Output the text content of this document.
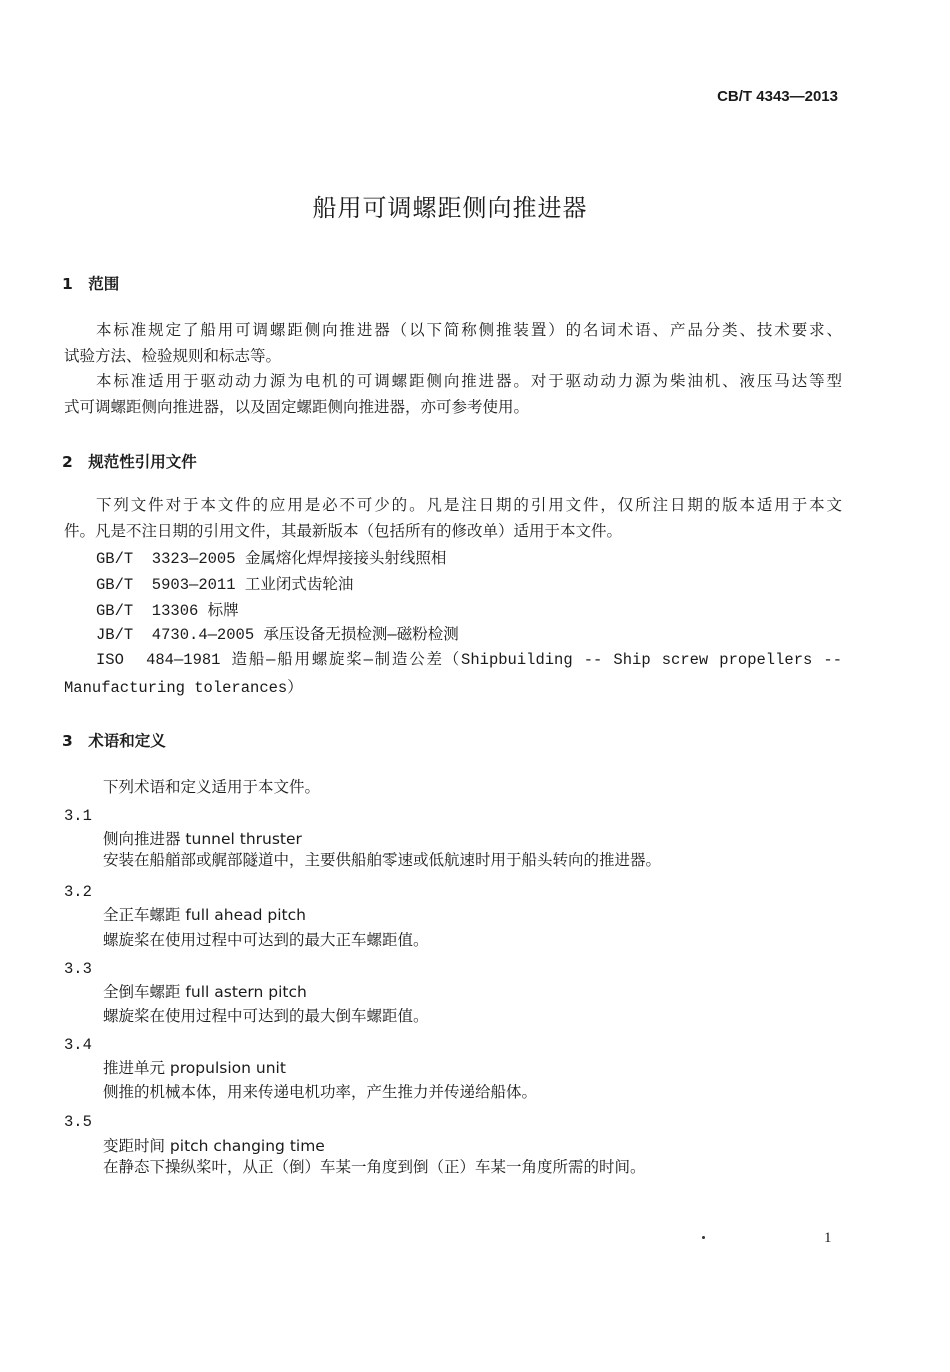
CB/T 4343—2013
船用可调螺距侧向推进器
1　范围
本标准规定了船用可调螺距侧向推进器（以下简称侧推装置）的名词术语、产品分类、技术要求、
试验方法、检验规则和标志等。
本标准适用于驱动动力源为电机的可调螺距侧向推进器。对于驱动动力源为柴油机、液压马达等型
式可调螺距侧向推进器，以及固定螺距侧向推进器，亦可参考使用。
2　规范性引用文件
下列文件对于本文件的应用是必不可少的。凡是注日期的引用文件，仅所注日期的版本适用于本文
件。凡是不注日期的引用文件，其最新版本（包括所有的修改单）适用于本文件。
GB/T  3323—2005 金属熔化焊焊接接头射线照相
GB/T  5903—2011 工业闭式齿轮油
GB/T  13306 标牌
JB/T  4730.4—2005 承压设备无损检测—磁粉检测
ISO  484—1981 造船—船用螺旋桨—制造公差（Shipbuilding -- Ship screw propellers --
Manufacturing tolerances）
3　术语和定义
下列术语和定义适用于本文件。
3.1
侧向推进器 tunnel thruster
安装在船艏部或艉部隧道中，主要供船舶零速或低航速时用于船头转向的推进器。
3.2
全正车螺距 full ahead pitch
螺旋桨在使用过程中可达到的最大正车螺距值。
3.3
全倒车螺距 full astern pitch
螺旋桨在使用过程中可达到的最大倒车螺距值。
3.4
推进单元 propulsion unit
侧推的机械本体，用来传递电机功率，产生推力并传递给船体。
3.5
变距时间 pitch changing time
在静态下操纵桨叶，从正（倒）车某一角度到倒（正）车某一角度所需的时间。
1
